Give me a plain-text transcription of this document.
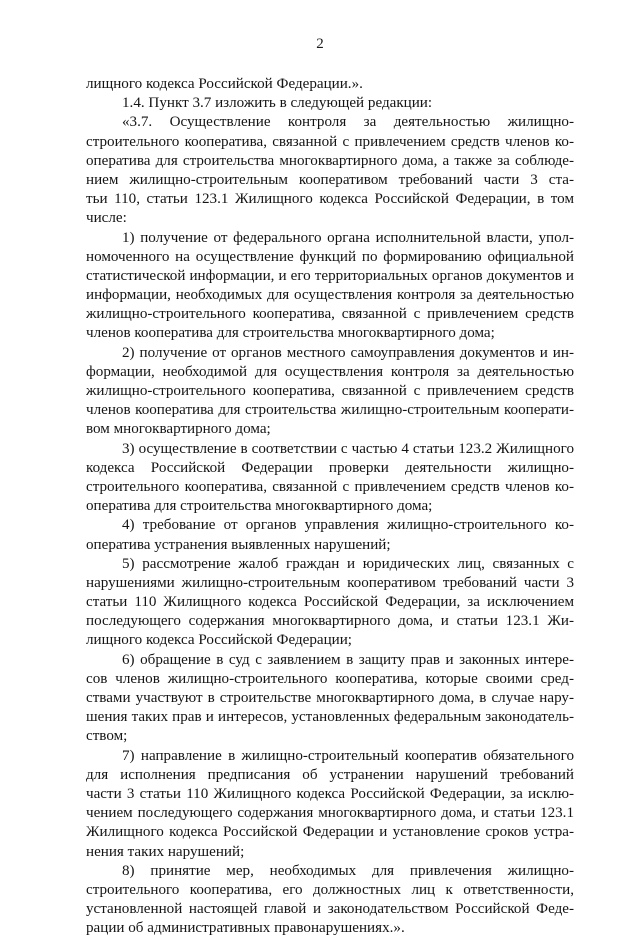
2
лищного кодекса Российской Федерации.».
1.4. Пункт 3.7 изложить в следующей редакции:
«3.7. Осуществление контроля за деятельностью жилищно-
строительного кооператива, связанной с привлечением средств членов ко-
оператива для строительства многоквартирного дома, а также за соблюде-
нием жилищно-строительным кооперативом требований части 3 ста-
тьи 110, статьи 123.1 Жилищного кодекса Российской Федерации, в том
числе:
1) получение от федерального органа исполнительной власти, упол-
номоченного на осуществление функций по формированию официальной
статистической информации, и его территориальных органов документов и
информации, необходимых для осуществления контроля за деятельностью
жилищно-строительного кооператива, связанной с привлечением средств
членов кооператива для строительства многоквартирного дома;
2) получение от органов местного самоуправления документов и ин-
формации, необходимой для осуществления контроля за деятельностью
жилищно-строительного кооператива, связанной с привлечением средств
членов кооператива для строительства жилищно-строительным кооперати-
вом многоквартирного дома;
3) осуществление в соответствии с частью 4 статьи 123.2 Жилищного
кодекса Российской Федерации проверки деятельности жилищно-
строительного кооператива, связанной с привлечением средств членов ко-
оператива для строительства многоквартирного дома;
4) требование от органов управления жилищно-строительного ко-
оператива устранения выявленных нарушений;
5) рассмотрение жалоб граждан и юридических лиц, связанных с
нарушениями жилищно-строительным кооперативом требований части 3
статьи 110 Жилищного кодекса Российской Федерации, за исключением
последующего содержания многоквартирного дома, и статьи 123.1 Жи-
лищного кодекса Российской Федерации;
6) обращение в суд с заявлением в защиту прав и законных интере-
сов членов жилищно-строительного кооператива, которые своими сред-
ствами участвуют в строительстве многоквартирного дома, в случае нару-
шения таких прав и интересов, установленных федеральным законодатель-
ством;
7) направление в жилищно-строительный кооператив обязательного
для исполнения предписания об устранении нарушений требований
части 3 статьи 110 Жилищного кодекса Российской Федерации, за исклю-
чением последующего содержания многоквартирного дома, и статьи 123.1
Жилищного кодекса Российской Федерации и установление сроков устра-
нения таких нарушений;
8) принятие мер, необходимых для привлечения жилищно-
строительного кооператива, его должностных лиц к ответственности,
установленной настоящей главой и законодательством Российской Феде-
рации об административных правонарушениях.».
